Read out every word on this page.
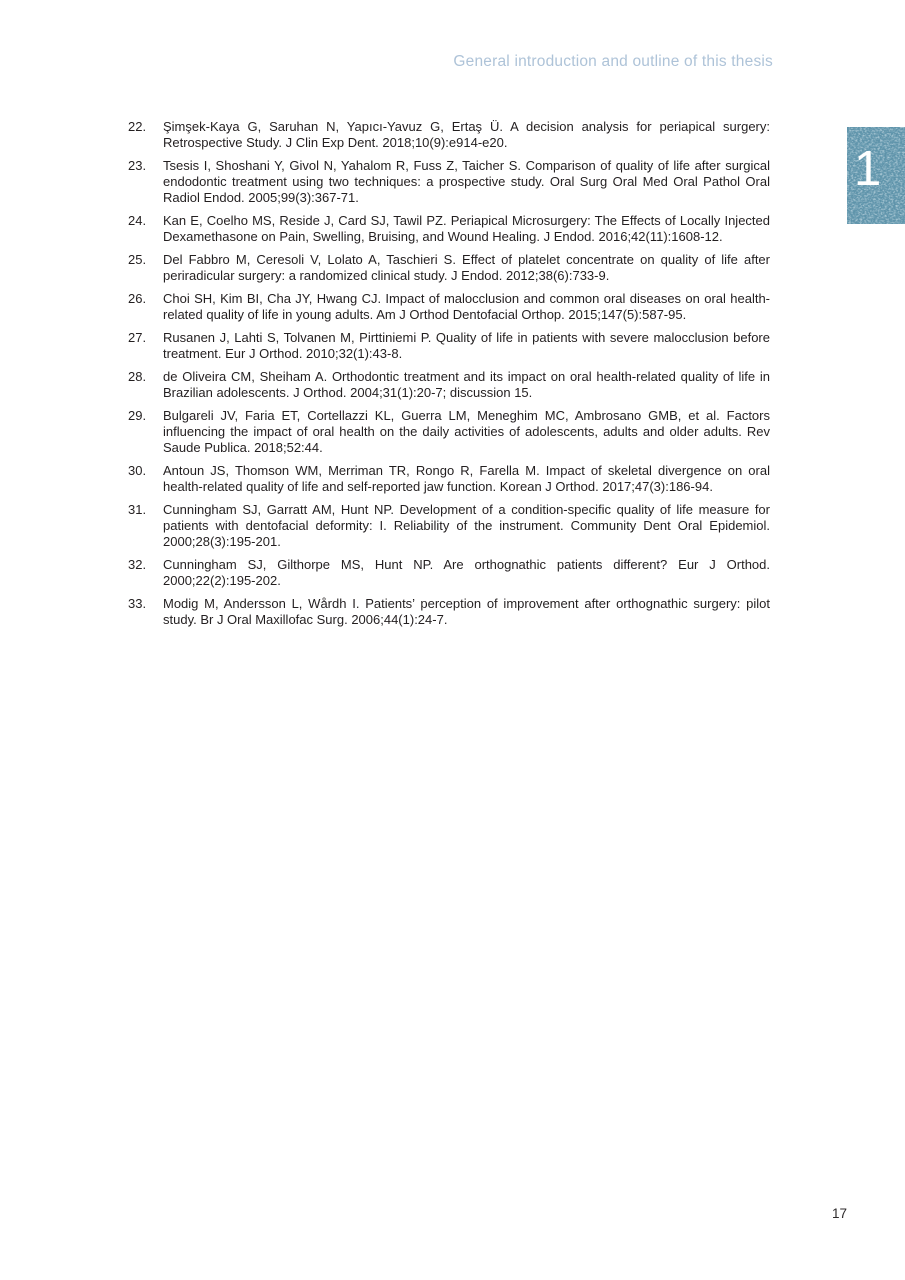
General introduction and outline of this thesis
1
22. Şimşek-Kaya G, Saruhan N, Yapıcı-Yavuz G, Ertaş Ü. A decision analysis for periapical surgery: Retrospective Study. J Clin Exp Dent. 2018;10(9):e914-e20.
23. Tsesis I, Shoshani Y, Givol N, Yahalom R, Fuss Z, Taicher S. Comparison of quality of life after surgical endodontic treatment using two techniques: a prospective study. Oral Surg Oral Med Oral Pathol Oral Radiol Endod. 2005;99(3):367-71.
24. Kan E, Coelho MS, Reside J, Card SJ, Tawil PZ. Periapical Microsurgery: The Effects of Locally Injected Dexamethasone on Pain, Swelling, Bruising, and Wound Healing. J Endod. 2016;42(11):1608-12.
25. Del Fabbro M, Ceresoli V, Lolato A, Taschieri S. Effect of platelet concentrate on quality of life after periradicular surgery: a randomized clinical study. J Endod. 2012;38(6):733-9.
26. Choi SH, Kim BI, Cha JY, Hwang CJ. Impact of malocclusion and common oral diseases on oral health-related quality of life in young adults. Am J Orthod Dentofacial Orthop. 2015;147(5):587-95.
27. Rusanen J, Lahti S, Tolvanen M, Pirttiniemi P. Quality of life in patients with severe malocclusion before treatment. Eur J Orthod. 2010;32(1):43-8.
28. de Oliveira CM, Sheiham A. Orthodontic treatment and its impact on oral health-related quality of life in Brazilian adolescents. J Orthod. 2004;31(1):20-7; discussion 15.
29. Bulgareli JV, Faria ET, Cortellazzi KL, Guerra LM, Meneghim MC, Ambrosano GMB, et al. Factors influencing the impact of oral health on the daily activities of adolescents, adults and older adults. Rev Saude Publica. 2018;52:44.
30. Antoun JS, Thomson WM, Merriman TR, Rongo R, Farella M. Impact of skeletal divergence on oral health-related quality of life and self-reported jaw function. Korean J Orthod. 2017;47(3):186-94.
31. Cunningham SJ, Garratt AM, Hunt NP. Development of a condition-specific quality of life measure for patients with dentofacial deformity: I. Reliability of the instrument. Community Dent Oral Epidemiol. 2000;28(3):195-201.
32. Cunningham SJ, Gilthorpe MS, Hunt NP. Are orthognathic patients different? Eur J Orthod. 2000;22(2):195-202.
33. Modig M, Andersson L, Wårdh I. Patients’ perception of improvement after orthognathic surgery: pilot study. Br J Oral Maxillofac Surg. 2006;44(1):24-7.
17
